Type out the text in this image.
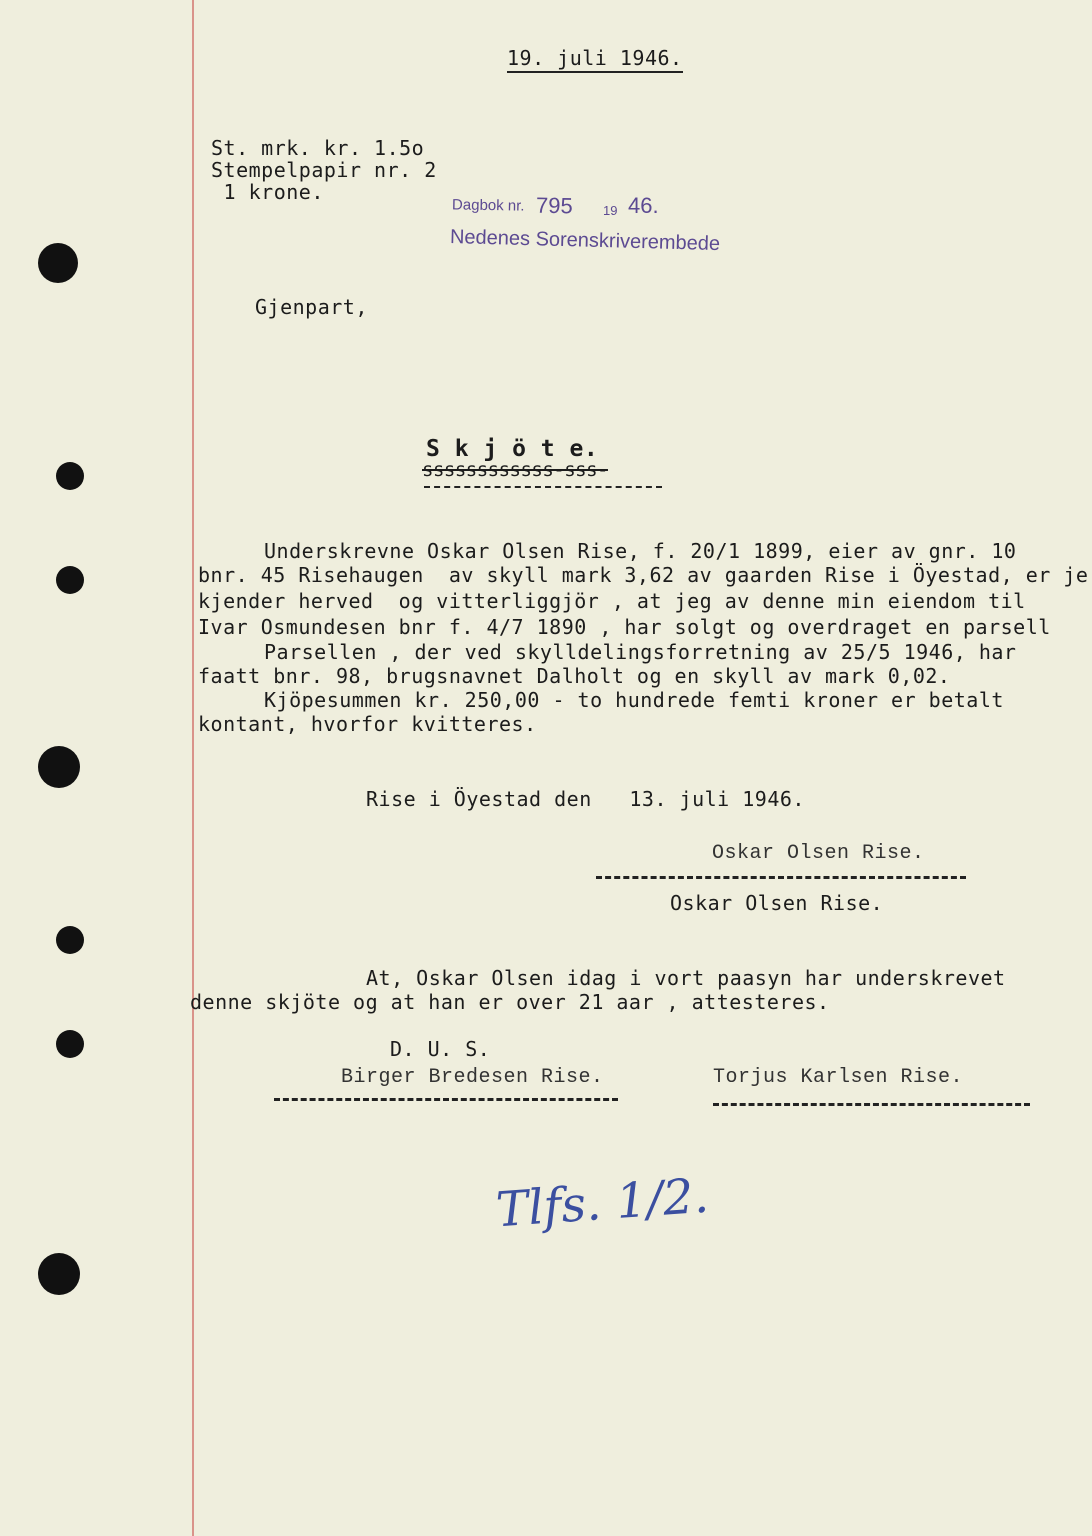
19. juli 1946.
St. mrk. kr. 1.5o
Stempelpapir nr. 2
1 krone.
Dagbok nr. 795 19 46.
Nedenes Sorenskriverembede
Gjenpart,
S k j ö t e.
ssssssssssss-sss-
Underskrevne Oskar Olsen Rise, f. 20/1 1899, eier av gnr. 10
bnr. 45 Risehaugen  av skyll mark 3,62 av gaarden Rise i Öyestad, er je
kjender herved  og vitterliggjör , at jeg av denne min eiendom til
Ivar Osmundesen bnr f. 4/7 1890 , har solgt og overdraget en parsell
Parsellen , der ved skylldelingsforretning av 25/5 1946, har
faatt bnr. 98, brugsnavnet Dalholt og en skyll av mark 0,02.
Kjöpesummen kr. 250,00 - to hundrede femti kroner er betalt
kontant, hvorfor kvitteres.
Rise i Öyestad den   13. juli 1946.
Oskar Olsen Rise.
Oskar Olsen Rise.
At, Oskar Olsen idag i vort paasyn har underskrevet
denne skjöte og at han er over 21 aar , attesteres.
D. U. S.
Birger Bredesen Rise.	Torjus Karlsen Rise.
Tlfs. 1/2.
